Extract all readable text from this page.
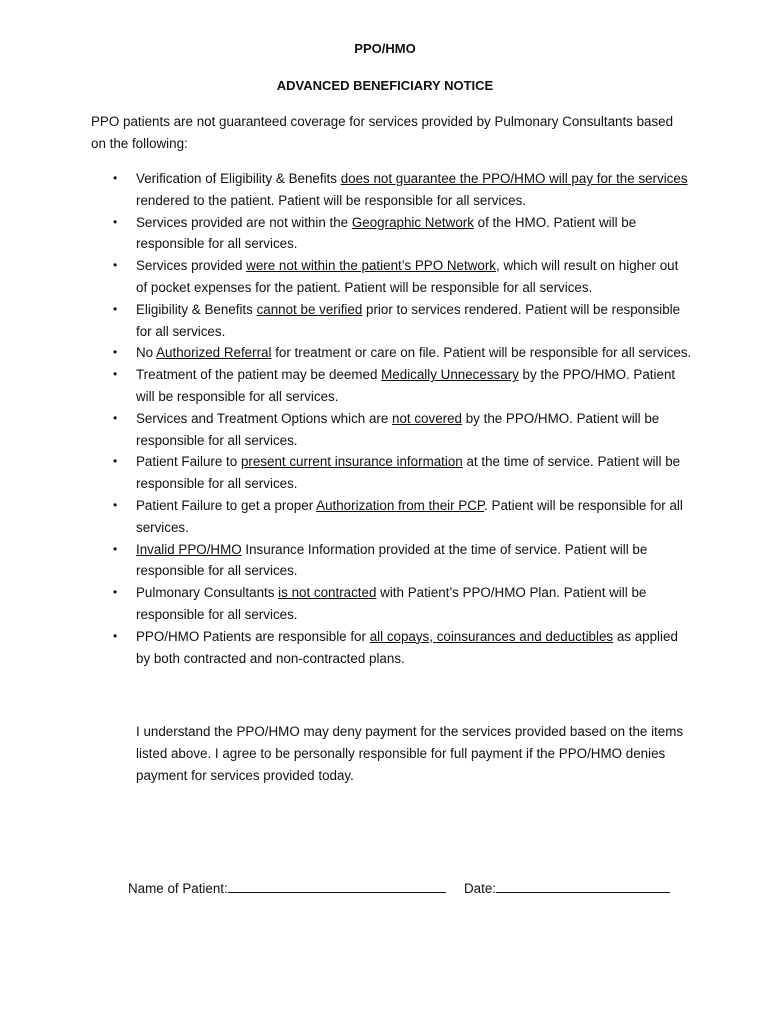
PPO/HMO
ADVANCED BENEFICIARY NOTICE
PPO patients are not guaranteed coverage for services provided by Pulmonary Consultants based on the following:
• Verification of Eligibility & Benefits does not guarantee the PPO/HMO will pay for the services rendered to the patient. Patient will be responsible for all services.
• Services provided are not within the Geographic Network of the HMO. Patient will be responsible for all services.
• Services provided were not within the patient’s PPO Network, which will result on higher out of pocket expenses for the patient. Patient will be responsible for all services.
• Eligibility & Benefits cannot be verified prior to services rendered. Patient will be responsible for all services.
• No Authorized Referral for treatment or care on file. Patient will be responsible for all services.
• Treatment of the patient may be deemed Medically Unnecessary by the PPO/HMO. Patient will be responsible for all services.
• Services and Treatment Options which are not covered by the PPO/HMO. Patient will be responsible for all services.
• Patient Failure to present current insurance information at the time of service. Patient will be responsible for all services.
• Patient Failure to get a proper Authorization from their PCP. Patient will be responsible for all services.
• Invalid PPO/HMO Insurance Information provided at the time of service. Patient will be responsible for all services.
• Pulmonary Consultants is not contracted with Patient’s PPO/HMO Plan. Patient will be responsible for all services.
• PPO/HMO Patients are responsible for all copays, coinsurances and deductibles as applied by both contracted and non-contracted plans.
I understand the PPO/HMO may deny payment for the services provided based on the items listed above. I agree to be personally responsible for full payment if the PPO/HMO denies payment for services provided today.
Name of Patient:	Date:
